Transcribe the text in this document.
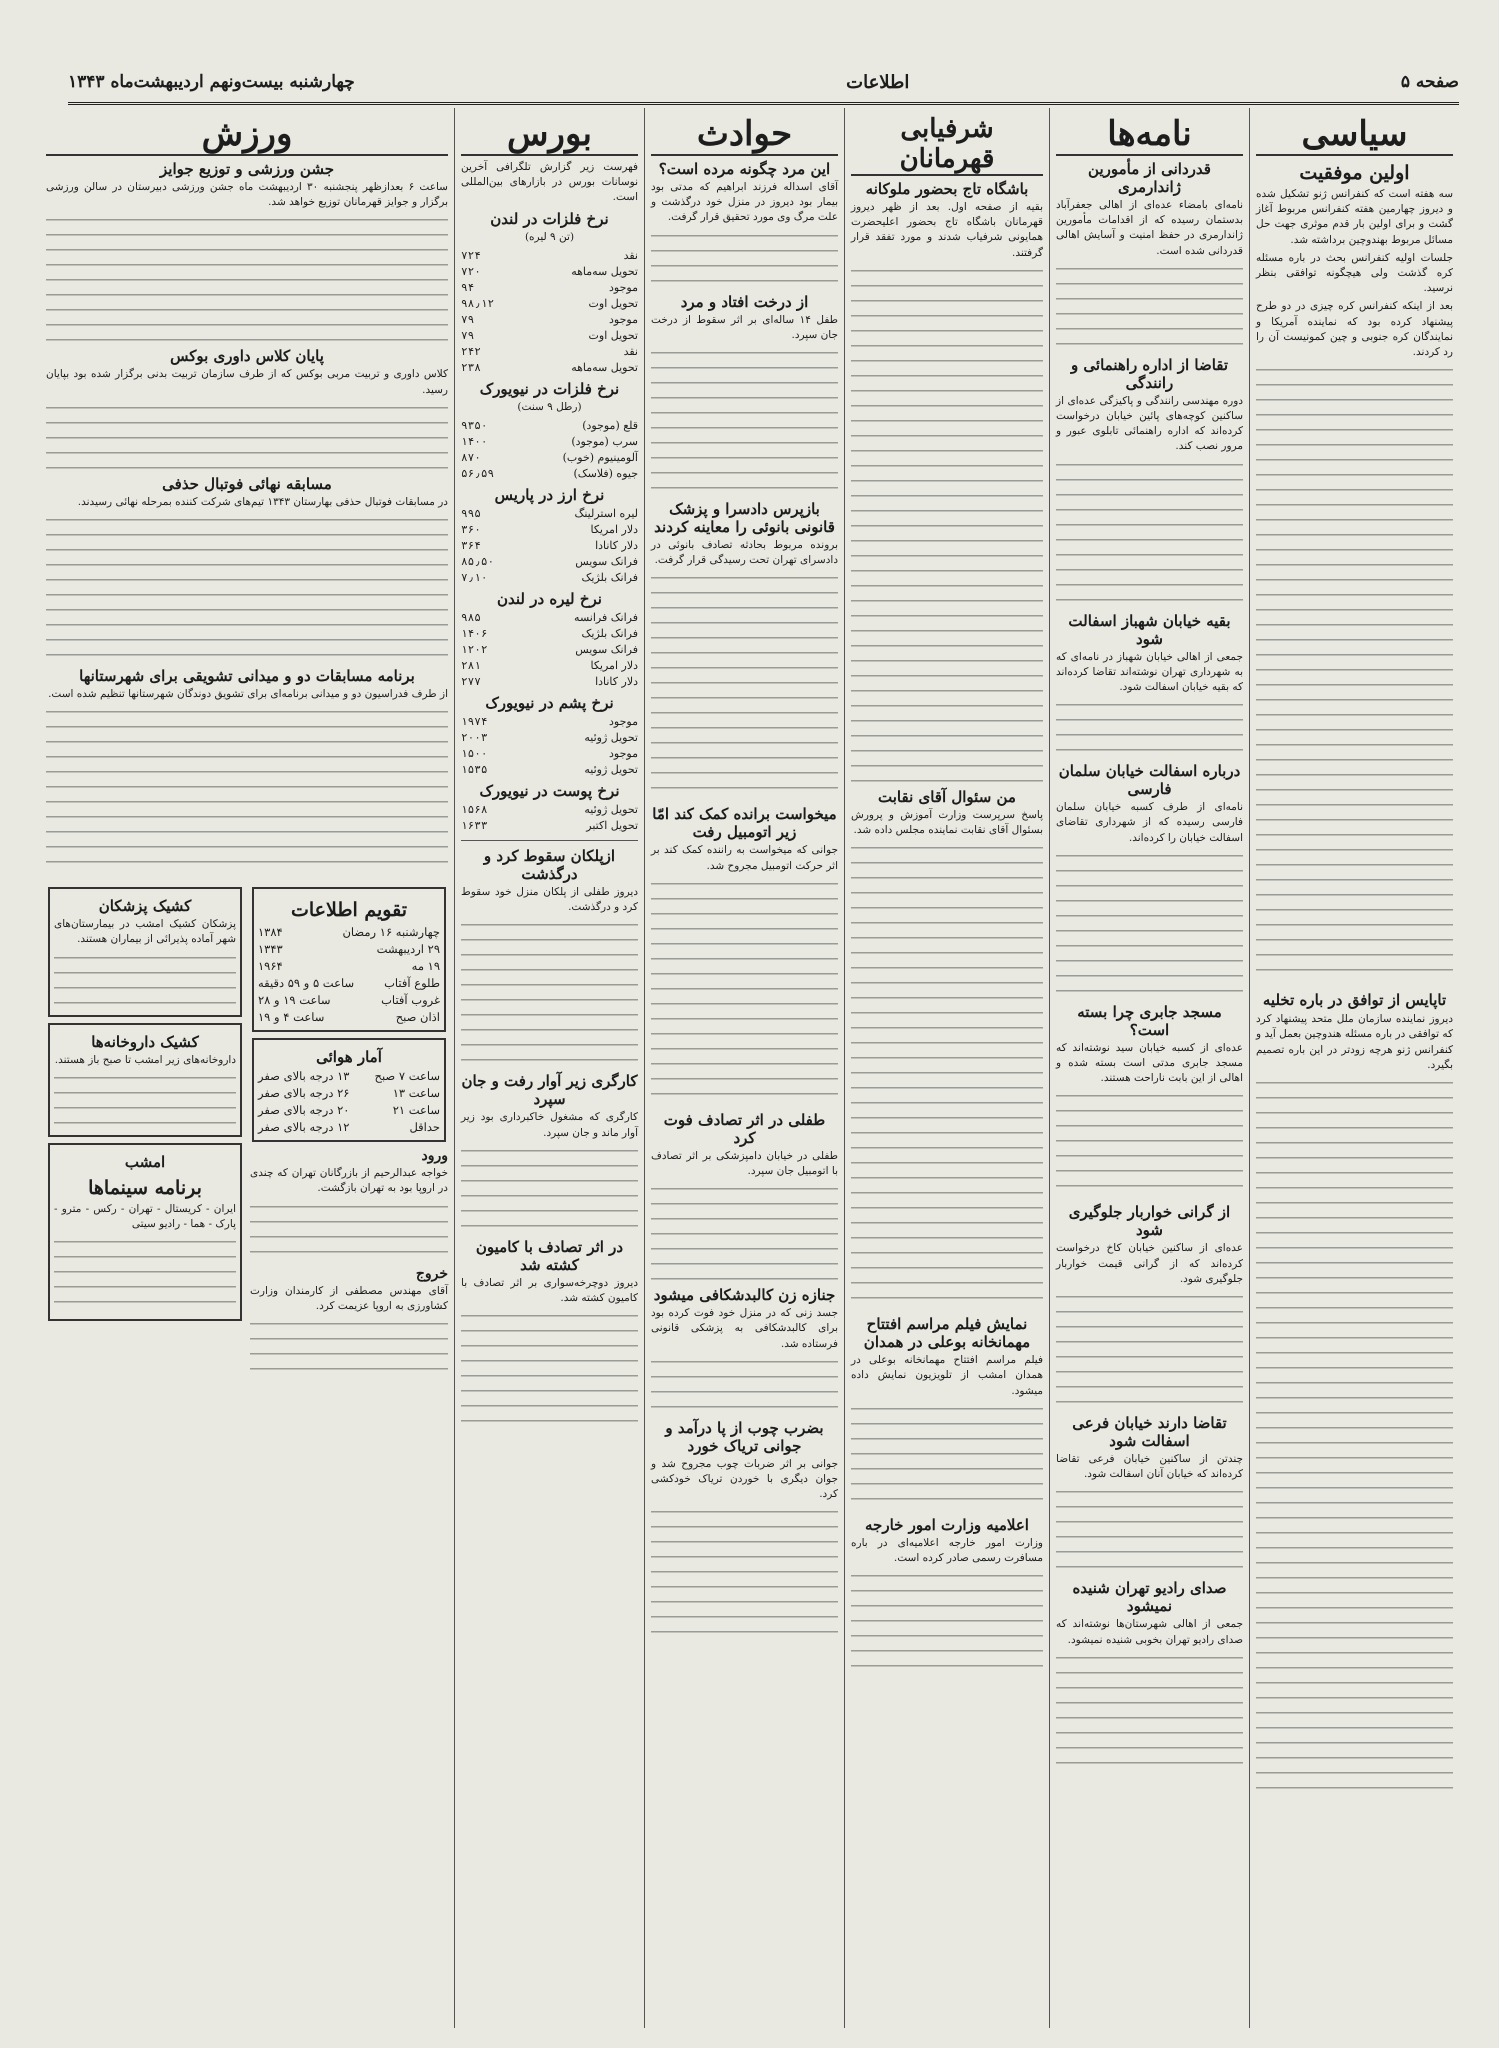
صفحه ۵
اطلاعات
چهارشنبه بیست‌و‌نهم اردیبهشت‌ماه ۱۳۴۳
سیاسی
اولین موفقیت

سه هفته است که کنفرانس ژنو تشکیل شده و دیروز چهارمین هفته کنفرانس مربوط آغاز گشت و برای اولین بار قدم موثری جهت حل مسائل مربوط بهندوچین برداشته شد.

جلسات اولیه کنفرانس بحث در باره مسئله کره گذشت ولی هیچگونه توافقی بنظر نرسید.

بعد از اینکه کنفرانس کره چیزی در دو طرح پیشنهاد کرده بود که نماینده آمریکا و نمایندگان کره جنوبی و چین کمونیست آن را رد کردند.

تاپایس از توافق در باره تخلیه

دیروز نماینده سازمان ملل متحد پیشنهاد کرد که توافقی در باره مسئله هندوچین بعمل آید و کنفرانس ژنو هرچه زودتر در این باره تصمیم بگیرد.

نامه‌ها
قدردانی از مأمورین ژاندارمری

نامه‌ای بامضاء عده‌ای از اهالی جعفرآباد بدستمان رسیده که از اقدامات مأمورین ژاندارمری در حفظ امنیت و آسایش اهالی قدردانی شده است.

تقاضا از اداره راهنمائی و رانندگی

دوره مهندسی رانندگی و پاکیزگی عده‌ای از ساکنین کوچه‌های پائین خیابان درخواست کرده‌اند که اداره راهنمائی تابلوی عبور و مرور نصب کند.

بقیه خیابان شهباز اسفالت شود

جمعی از اهالی خیابان شهباز در نامه‌ای که به شهرداری تهران نوشته‌اند تقاضا کرده‌اند که بقیه خیابان اسفالت شود.

درباره اسفالت خیابان سلمان فارسی

نامه‌ای از طرف کسبه خیابان سلمان فارسی رسیده که از شهرداری تقاضای اسفالت خیابان را کرده‌اند.

مسجد جابری چرا بسته است؟

عده‌ای از کسبه خیابان سید نوشته‌اند که مسجد جابری مدتی است بسته شده و اهالی از این بابت ناراحت هستند.

از گرانی خواربار جلوگیری شود

عده‌ای از ساکنین خیابان کاخ درخواست کرده‌اند که از گرانی قیمت خواربار جلوگیری شود.

تقاضا دارند خیابان فرعی اسفالت شود

چندتن از ساکنین خیابان فرعی تقاضا کرده‌اند که خیابان آنان اسفالت شود.

صدای رادیو تهران شنیده نمیشود

جمعی از اهالی شهرستان‌ها نوشته‌اند که صدای رادیو تهران بخوبی شنیده نمیشود.

شرفیابی قهرمانان
باشگاه تاج بحضور ملوکانه

بقیه از صفحه اول. بعد از ظهر دیروز قهرمانان باشگاه تاج بحضور اعلیحضرت همایونی شرفیاب شدند و مورد تفقد قرار گرفتند.

من سئوال آقای نقابت

پاسخ سرپرست وزارت آموزش و پرورش بسئوال آقای نقابت نماینده مجلس داده شد.

نمایش فیلم مراسم افتتاح مهمانخانه بوعلی در همدان

فیلم مراسم افتتاح مهمانخانه بوعلی در همدان امشب از تلویزیون نمایش داده میشود.

اعلامیه وزارت امور خارجه

وزارت امور خارجه اعلامیه‌ای در باره مسافرت رسمی صادر کرده است.

حوادث
این مرد چگونه مرده است؟

آقای اسداله فرزند ابراهیم که مدتی بود بیمار بود دیروز در منزل خود درگذشت و علت مرگ وی مورد تحقیق قرار گرفت.

از درخت افتاد و مرد

طفل ۱۴ ساله‌ای بر اثر سقوط از درخت جان سپرد.

بازپرس دادسرا و پزشک قانونی بانوئی را معاینه کردند

برونده مربوط بحادثه تصادف بانوئی در دادسرای تهران تحت رسیدگی قرار گرفت.

میخواست برانده کمک کند امّا زیر اتومبیل رفت

جوانی که میخواست به راننده کمک کند بر اثر حرکت اتومبیل مجروح شد.

طفلی در اثر تصادف فوت کرد

طفلی در خیابان دامپزشکی بر اثر تصادف با اتومبیل جان سپرد.

جنازه زن کالبدشکافی میشود

جسد زنی که در منزل خود فوت کرده بود برای کالبدشکافی به پزشکی قانونی فرستاده شد.

بضرب چوب از پا درآمد و جوانی تریاک خورد

جوانی بر اثر ضربات چوب مجروح شد و جوان دیگری با خوردن تریاک خودکشی کرد.

بورس

فهرست زیر گزارش تلگرافی آخرین نوسانات بورس در بازارهای بین‌المللی است.

نرخ فلزات در لندن
(تن ۹ لیره)
نقد
۷۲۴
تحویل سه‌ماهه
۷۲۰
موجود
۹۴
تحویل اوت
۹۸٫۱۲
موجود
۷۹
تحویل اوت
۷۹
نقد
۲۴۲
تحویل سه‌ماهه
۲۳۸
نرخ فلزات در نیویورک
(رطل ۹ سنت)
قلع (موجود)
۹۳۵۰
سرب (موجود)
۱۴۰۰
آلومینیوم (خوب)
۸۷۰
جیوه (فلاسک)
۵۶٫۵۹
نرخ ارز در پاریس
لیره استرلینگ
۹۹۵
دلار امریکا
۳۶۰
دلار کانادا
۳۶۴
فرانک سویس
۸۵٫۵۰
فرانک بلژیک
۷٫۱۰
نرخ لیره در لندن
فرانک فرانسه
۹۸۵
فرانک بلژیک
۱۴۰۶
فرانک سویس
۱۲۰۲
دلار امریکا
۲۸۱
دلار کانادا
۲۷۷
نرخ پشم در نیویورک
موجود
۱۹۷۴
تحویل ژوئیه
۲۰۰۳
موجود
۱۵۰۰
تحویل ژوئیه
۱۵۳۵
نرخ پوست در نیویورک
تحویل ژوئیه
۱۵۶۸
تحویل اکتبر
۱۶۳۳
ازپلکان سقوط کرد و درگذشت

دیروز طفلی از پلکان منزل خود سقوط کرد و درگذشت.

کارگری زیر آوار رفت و جان سپرد

کارگری که مشغول خاکبرداری بود زیر آوار ماند و جان سپرد.

در اثر تصادف با کامیون کشته شد

دیروز دوچرخه‌سواری بر اثر تصادف با کامیون کشته شد.

ورزش
جشن ورزشی و توزیع جوایز

ساعت ۶ بعدازظهر پنجشنبه ۳۰ اردیبهشت ماه جشن ورزشی دبیرستان در سالن ورزشی برگزار و جوایز قهرمانان توزیع خواهد شد.

پایان کلاس داوری بوکس

کلاس داوری و تربیت مربی بوکس که از طرف سازمان تربیت بدنی برگزار شده بود بپایان رسید.

مسابقه نهائی فوتبال حذفی

در مسابقات فوتبال حذفی بهارستان ۱۳۴۳ تیم‌های شرکت کننده بمرحله نهائی رسیدند.

برنامه مسابقات دو و میدانی تشویقی برای شهرستانها

از طرف فدراسیون دو و میدانی برنامه‌ای برای تشویق دوندگان شهرستانها تنظیم شده است.

تقویم اطلاعات
چهارشنبه ۱۶ رمضان
۱۳۸۴
۲۹ اردیبهشت
۱۳۴۳
۱۹ مه
۱۹۶۴
طلوع آفتاب
ساعت ۵ و ۵۹ دقیقه
غروب آفتاب
ساعت ۱۹ و ۲۸
اذان صبح
ساعت ۴ و ۱۹
آمار هوائی
ساعت ۷ صبح
۱۳ درجه بالای صفر
ساعت ۱۳
۲۶ درجه بالای صفر
ساعت ۲۱
۲۰ درجه بالای صفر
حداقل
۱۲ درجه بالای صفر
ورود

خواجه عبدالرحیم از بازرگانان تهران که چندی در اروپا بود به تهران بازگشت.

خروج

آقای مهندس مصطفی از کارمندان وزارت کشاورزی به اروپا عزیمت کرد.

کشیک پزشکان

پزشکان کشیک امشب در بیمارستان‌های شهر آماده پذیرائی از بیماران هستند.

کشیک داروخانه‌ها

داروخانه‌های زیر امشب تا صبح باز هستند.

امشب
برنامه سینماها

ایران - کریستال - تهران - رکس - مترو - پارک - هما - رادیو سیتی
